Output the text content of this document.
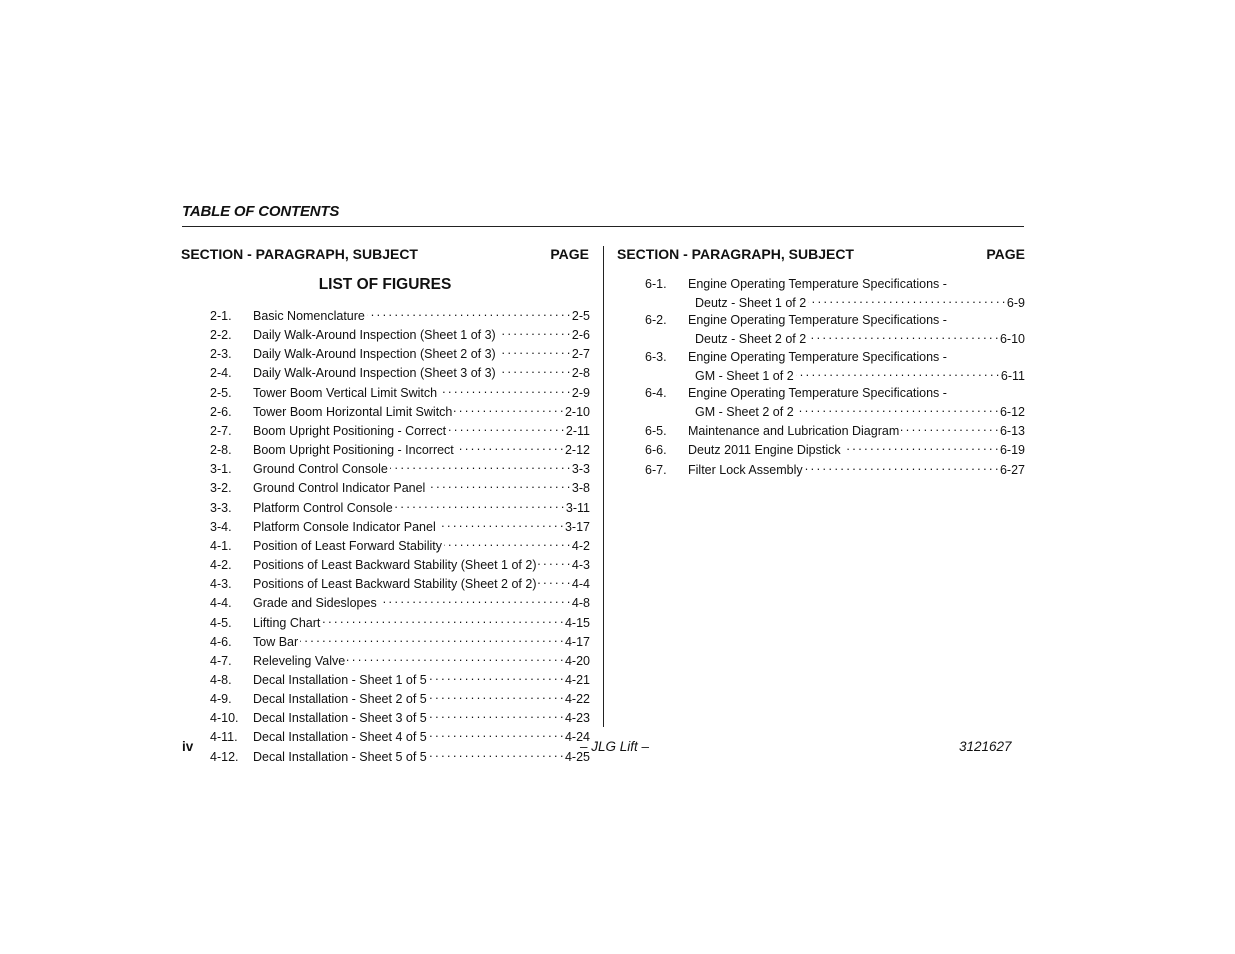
TABLE OF CONTENTS
SECTION - PARAGRAPH, SUBJECT	PAGE SECTION - PARAGRAPH, SUBJECT	PAGE
LIST OF FIGURES
2-1.	Basic Nomenclature . . .	2-5
2-2.	Daily Walk-Around Inspection (Sheet 1 of 3) . . .	2-6
2-3.	Daily Walk-Around Inspection (Sheet 2 of 3) . . .	2-7
2-4.	Daily Walk-Around Inspection (Sheet 3 of 3) . . .	2-8
2-5.	Tower Boom Vertical Limit Switch . . .	2-9
2-6.	Tower Boom Horizontal Limit Switch . . .	2-10
2-7.	Boom Upright Positioning - Correct . . .	2-11
2-8.	Boom Upright Positioning - Incorrect . . .	2-12
3-1.	Ground Control Console . . .	3-3
3-2.	Ground Control Indicator Panel . . .	3-8
3-3.	Platform Control Console . . .	3-11
3-4.	Platform Console Indicator Panel . . .	3-17
4-1.	Position of Least Forward Stability . . .	4-2
4-2.	Positions of Least Backward Stability (Sheet 1 of 2) . . .	4-3
4-3.	Positions of Least Backward Stability (Sheet 2 of 2) . . .	4-4
4-4.	Grade and Sideslopes . . .	4-8
4-5.	Lifting Chart . . .	4-15
4-6.	Tow Bar . . .	4-17
4-7.	Releveling Valve . . .	4-20
4-8.	Decal Installation - Sheet 1 of 5 . . .	4-21
4-9.	Decal Installation - Sheet 2 of 5 . . .	4-22
4-10.	Decal Installation - Sheet 3 of 5 . . .	4-23
4-11.	Decal Installation - Sheet 4 of 5 . . .	4-24
4-12.	Decal Installation - Sheet 5 of 5 . . .	4-25
6-1.	Engine Operating Temperature Specifications -
Deutz - Sheet 1 of 2 . . .	6-9
6-2.	Engine Operating Temperature Specifications -
Deutz - Sheet 2 of 2 . . .	6-10
6-3.	Engine Operating Temperature Specifications -
GM - Sheet 1 of 2 . . .	6-11
6-4.	Engine Operating Temperature Specifications -
GM - Sheet 2 of 2 . . .	6-12
6-5.	Maintenance and Lubrication Diagram . . .	6-13
6-6.	Deutz 2011 Engine Dipstick . . .	6-19
6-7.	Filter Lock Assembly . . .	6-27
iv	– JLG Lift –	3121627
